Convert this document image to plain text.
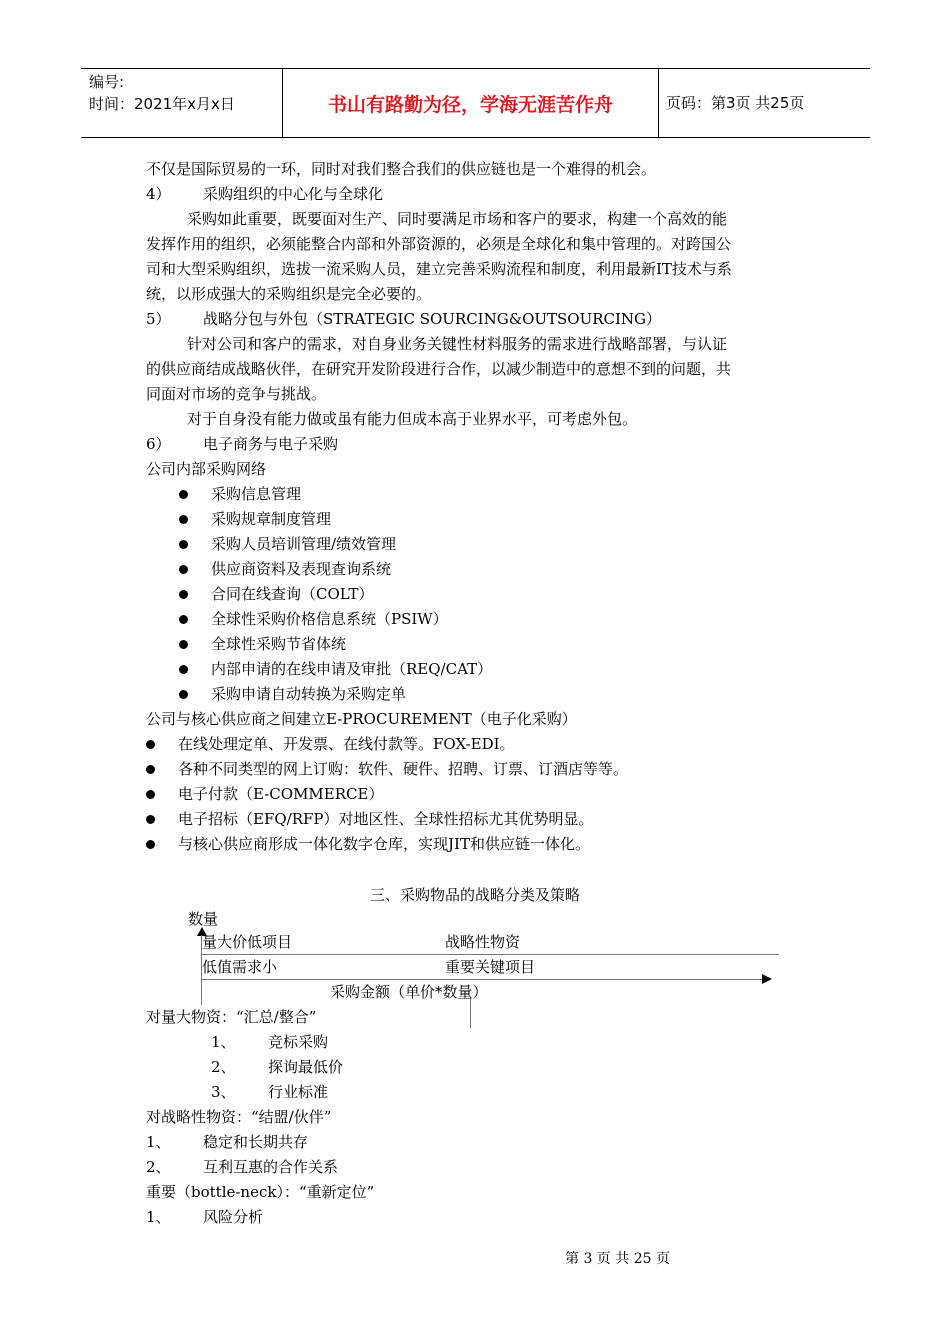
编号:
时间：2021年x月x日	书山有路勤为径，学海无涯苦作舟	页码：第3页 共25页
不仅是国际贸易的一环，同时对我们整合我们的供应链也是一个难得的机会。
4） 采购组织的中心化与全球化
采购如此重要，既要面对生产、同时要满足市场和客户的要求，构建一个高效的能
发挥作用的组织，必须能整合内部和外部资源的，必须是全球化和集中管理的。对跨国公
司和大型采购组织，选拔一流采购人员，建立完善采购流程和制度，利用最新IT技术与系
统，以形成强大的采购组织是完全必要的。
5） 战略分包与外包（STRATEGIC SOURCING&OUTSOURCING）
针对公司和客户的需求，对自身业务关键性材料服务的需求进行战略部署，与认证
的供应商结成战略伙伴，在研究开发阶段进行合作，以减少制造中的意想不到的问题，共
同面对市场的竞争与挑战。
对于自身没有能力做或虽有能力但成本高于业界水平，可考虑外包。
6） 电子商务与电子采购
公司内部采购网络
采购信息管理
采购规章制度管理
采购人员培训管理/绩效管理
供应商资料及表现查询系统
合同在线查询（COLT）
全球性采购价格信息系统（PSIW）
全球性采购节省体统
内部申请的在线申请及审批（REQ/CAT）
采购申请自动转换为采购定单
公司与核心供应商之间建立E-PROCUREMENT（电子化采购）
在线处理定单、开发票、在线付款等。FOX-EDI。
各种不同类型的网上订购：软件、硬件、招聘、订票、订酒店等等。
电子付款（E-COMMERCE）
电子招标（EFQ/RFP）对地区性、全球性招标尤其优势明显。
与核心供应商形成一体化数字仓库，实现JIT和供应链一体化。
三、采购物品的战略分类及策略
数量
量大价低项目	战略性物资
低值需求小	重要关键项目
采购金额（单价*数量）
对量大物资：“汇总/整合”
1、 竞标采购
2、 探询最低价
3、 行业标准
对战略性物资：“结盟/伙伴”
1、 稳定和长期共存
2、 互利互惠的合作关系
重要（bottle-neck）：“重新定位”
1、 风险分析
第 3 页 共 25 页
